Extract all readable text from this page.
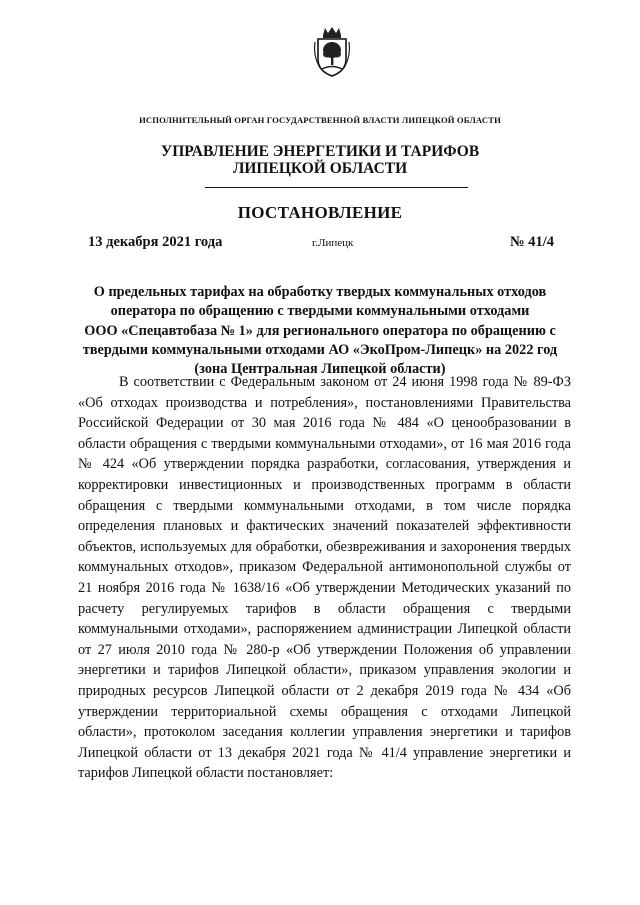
ИСПОЛНИТЕЛЬНЫЙ ОРГАН ГОСУДАРСТВЕННОЙ ВЛАСТИ ЛИПЕЦКОЙ ОБЛАСТИ
УПРАВЛЕНИЕ ЭНЕРГЕТИКИ И ТАРИФОВ
ЛИПЕЦКОЙ ОБЛАСТИ
ПОСТАНОВЛЕНИЕ
13 декабря 2021 года	г.Липецк	№ 41/4
О предельных тарифах на обработку твердых коммунальных отходов
оператора по обращению с твердыми коммунальными отходами
ООО «Спецавтобаза № 1» для регионального оператора по обращению с
твердыми коммунальными отходами АО «ЭкоПром-Липецк» на 2022 год
(зона Центральная Липецкой области)

В соответствии с Федеральным законом от 24 июня 1998 года № 89-ФЗ «Об отходах производства и потребления», постановлениями Правительства Российской Федерации от 30 мая 2016 года № 484 «О ценообразовании в области обращения с твердыми коммунальными отходами», от 16 мая 2016 года № 424 «Об утверждении порядка разработки, согласования, утверждения и корректировки инвестиционных и производственных программ в области обращения с твердыми коммунальными отходами, в том числе порядка определения плановых и фактических значений показателей эффективности объектов, используемых для обработки, обезвреживания и захоронения твердых коммунальных отходов», приказом Федеральной антимонопольной службы от 21 ноября 2016 года № 1638/16 «Об утверждении Методических указаний по расчету регулируемых тарифов в области обращения с твердыми коммунальными отходами», распоряжением администрации Липецкой области от 27 июля 2010 года № 280-р «Об утверждении Положения об управлении энергетики и тарифов Липецкой области», приказом управления экологии и природных ресурсов Липецкой области от 2 декабря 2019 года № 434 «Об утверждении территориальной схемы обращения с отходами Липецкой области», протоколом заседания коллегии управления энергетики и тарифов Липецкой области от 13 декабря 2021 года № 41/4 управление энергетики и тарифов Липецкой области постановляет:
